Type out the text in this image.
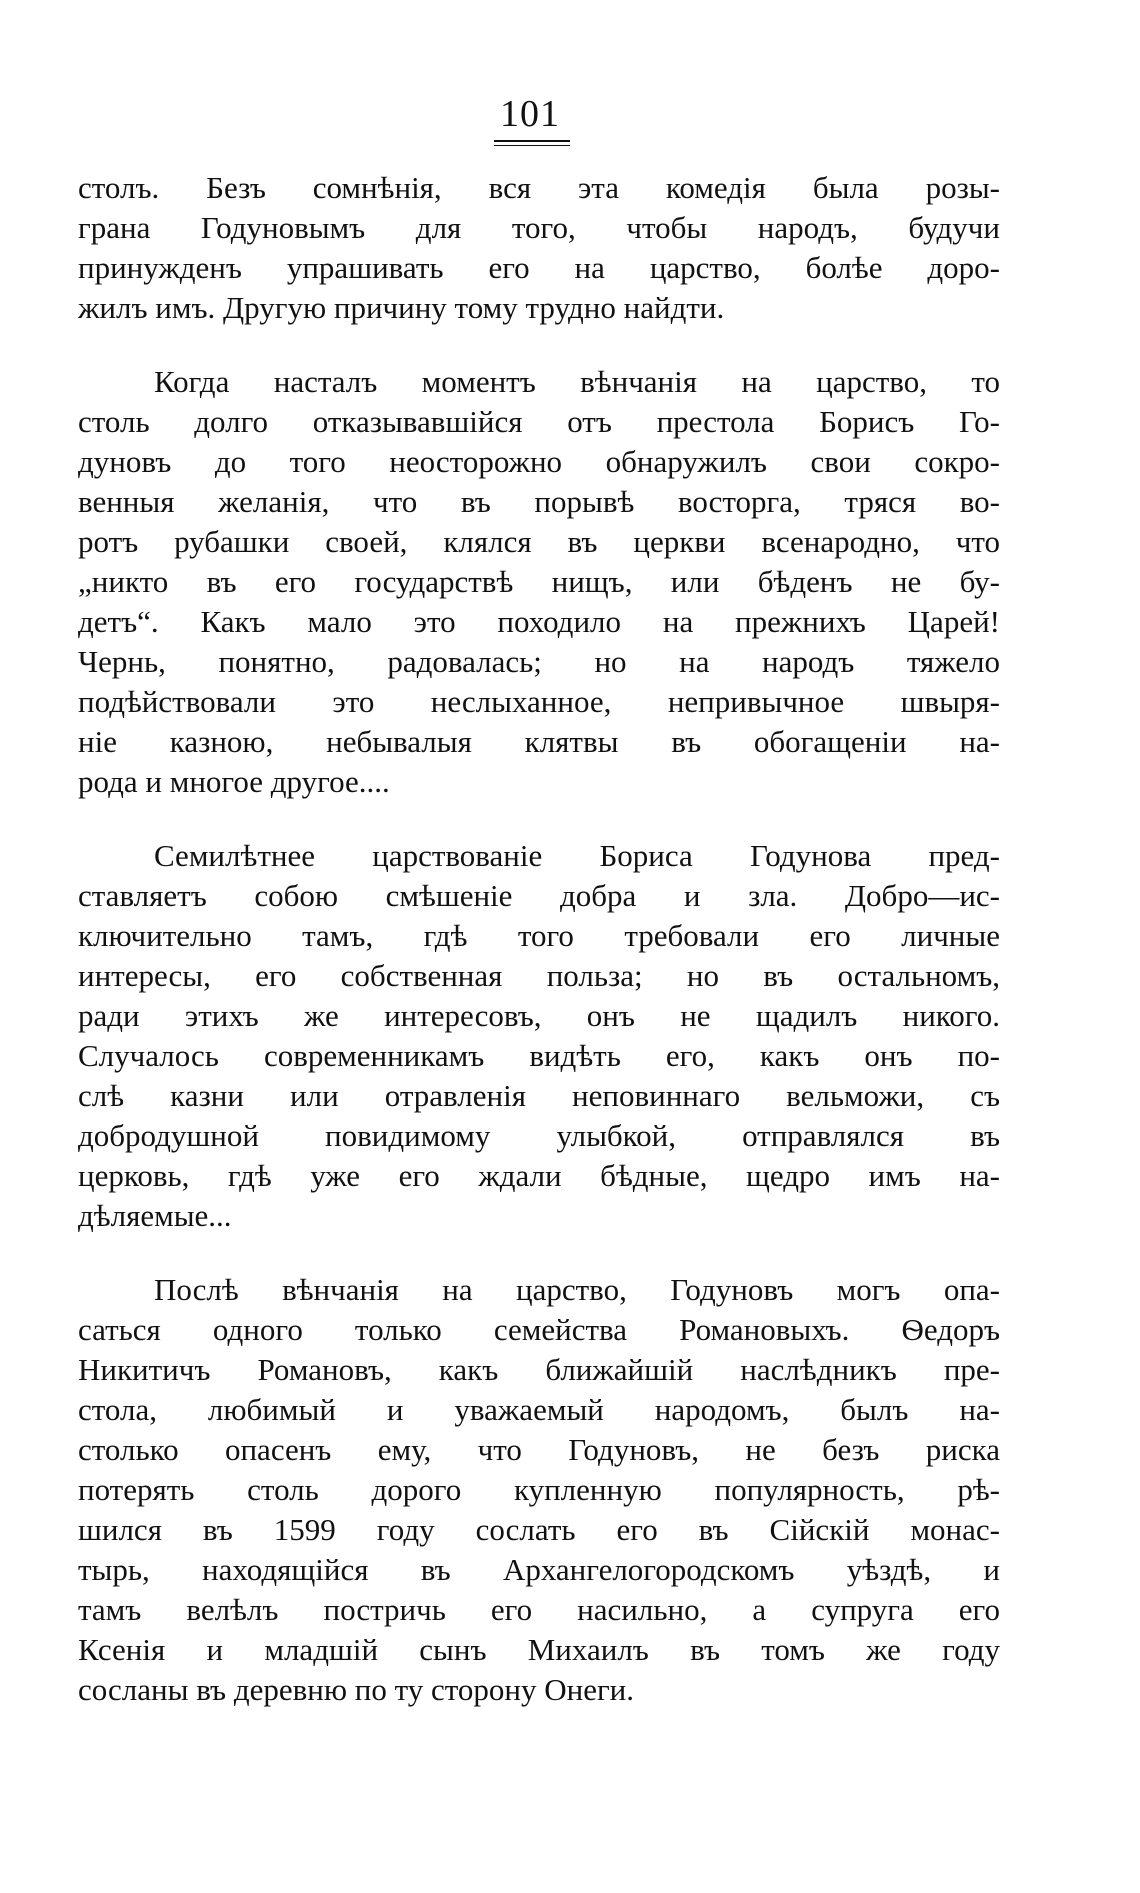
101
столъ. Безъ сомнѣнія, вся эта комедія была розы-
грана Годуновымъ для того, чтобы народъ, будучи
принужденъ упрашивать его на царство, болѣе доро-
жилъ имъ. Другую причину тому трудно найдти.
Когда насталъ моментъ вѣнчанія на царство, то
столь долго отказывавшійся отъ престола Борисъ Го-
дуновъ до того неосторожно обнаружилъ свои сокро-
венныя желанія, что въ порывѣ восторга, тряся во-
ротъ рубашки своей, клялся въ церкви всенародно, что
„никто въ его государствѣ нищъ, или бѣденъ не бу-
детъ“. Какъ мало это походило на прежнихъ Царей!
Чернь, понятно, радовалась; но на народъ тяжело
подѣйствовали это неслыханное, непривычное швыря-
ніе казною, небывалыя клятвы въ обогащеніи на-
рода и многое другое....
Семилѣтнее царствованіе Бориса Годунова пред-
ставляетъ собою смѣшеніе добра и зла. Добро—ис-
ключительно тамъ, гдѣ того требовали его личные
интересы, его собственная польза; но въ остальномъ,
ради этихъ же интересовъ, онъ не щадилъ никого.
Случалось современникамъ видѣть его, какъ онъ по-
слѣ казни или отравленія неповиннаго вельможи, съ
добродушной повидимому улыбкой, отправлялся въ
церковь, гдѣ уже его ждали бѣдные, щедро имъ на-
дѣляемые...
Послѣ вѣнчанія на царство, Годуновъ могъ опа-
саться одного только семейства Романовыхъ. Ѳедоръ
Никитичъ Романовъ, какъ ближайшій наслѣдникъ пре-
стола, любимый и уважаемый народомъ, былъ на-
столько опасенъ ему, что Годуновъ, не безъ риска
потерять столь дорого купленную популярность, рѣ-
шился въ 1599 году сослать его въ Сійскій монас-
тырь, находящійся въ Архангелогородскомъ уѣздѣ, и
тамъ велѣлъ постричь его насильно, а супруга его
Ксенія и младшій сынъ Михаилъ въ томъ же году
сосланы въ деревню по ту сторону Онеги.
